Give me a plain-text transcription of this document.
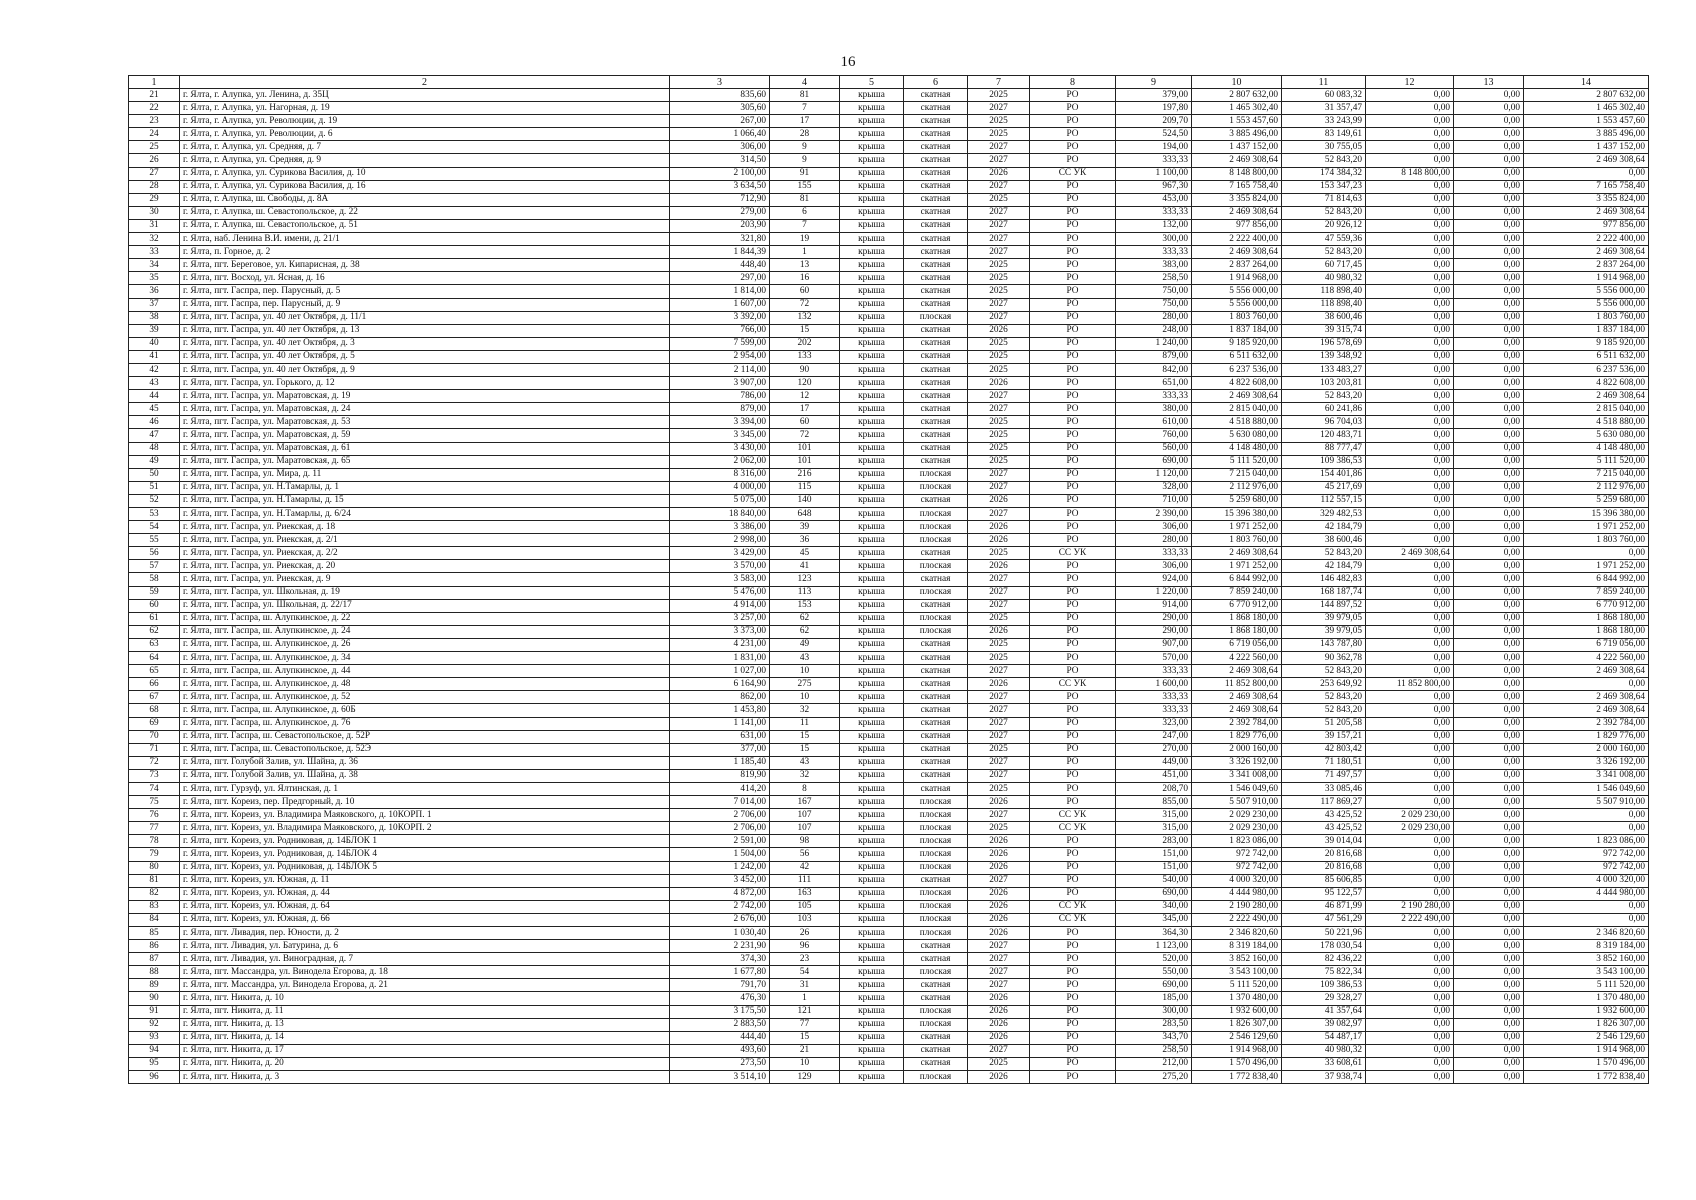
16
1	2	3	4	5	6	7	8	9	10	11	12	13	14
21	г. Ялта, г. Алупка, ул. Ленина, д. 35Ц	835,60	81	крыша	скатная	2025	РО	379,00	2 807 632,00	60 083,32	0,00	0,00	2 807 632,00
22	г. Ялта, г. Алупка, ул. Нагорная, д. 19	305,60	7	крыша	скатная	2027	РО	197,80	1 465 302,40	31 357,47	0,00	0,00	1 465 302,40
23	г. Ялта, г. Алупка, ул. Революции, д. 19	267,00	17	крыша	скатная	2025	РО	209,70	1 553 457,60	33 243,99	0,00	0,00	1 553 457,60
24	г. Ялта, г. Алупка, ул. Революции, д. 6	1 066,40	28	крыша	скатная	2025	РО	524,50	3 885 496,00	83 149,61	0,00	0,00	3 885 496,00
25	г. Ялта, г. Алупка, ул. Средняя, д. 7	306,00	9	крыша	скатная	2027	РО	194,00	1 437 152,00	30 755,05	0,00	0,00	1 437 152,00
26	г. Ялта, г. Алупка, ул. Средняя, д. 9	314,50	9	крыша	скатная	2027	РО	333,33	2 469 308,64	52 843,20	0,00	0,00	2 469 308,64
27	г. Ялта, г. Алупка, ул. Сурикова Василия, д. 10	2 100,00	91	крыша	скатная	2026	СС УК	1 100,00	8 148 800,00	174 384,32	8 148 800,00	0,00	0,00
28	г. Ялта, г. Алупка, ул. Сурикова Василия, д. 16	3 634,50	155	крыша	скатная	2027	РО	967,30	7 165 758,40	153 347,23	0,00	0,00	7 165 758,40
29	г. Ялта, г. Алупка, ш. Свободы, д. 8А	712,90	81	крыша	скатная	2025	РО	453,00	3 355 824,00	71 814,63	0,00	0,00	3 355 824,00
30	г. Ялта, г. Алупка, ш. Севастопольское, д. 22	279,00	6	крыша	скатная	2027	РО	333,33	2 469 308,64	52 843,20	0,00	0,00	2 469 308,64
31	г. Ялта, г. Алупка, ш. Севастопольское, д. 51	203,90	7	крыша	скатная	2027	РО	132,00	977 856,00	20 926,12	0,00	0,00	977 856,00
32	г. Ялта, наб. Ленина В.И. имени, д. 21/1	321,80	19	крыша	скатная	2027	РО	300,00	2 222 400,00	47 559,36	0,00	0,00	2 222 400,00
33	г. Ялта, п. Горное, д. 2	1 844,39	1	крыша	скатная	2027	РО	333,33	2 469 308,64	52 843,20	0,00	0,00	2 469 308,64
34	г. Ялта, пгт. Береговое, ул. Кипарисная, д. 38	448,40	13	крыша	скатная	2025	РО	383,00	2 837 264,00	60 717,45	0,00	0,00	2 837 264,00
35	г. Ялта, пгт. Восход, ул. Ясная, д. 16	297,00	16	крыша	скатная	2025	РО	258,50	1 914 968,00	40 980,32	0,00	0,00	1 914 968,00
36	г. Ялта, пгт. Гаспра, пер. Парусный, д. 5	1 814,00	60	крыша	скатная	2025	РО	750,00	5 556 000,00	118 898,40	0,00	0,00	5 556 000,00
37	г. Ялта, пгт. Гаспра, пер. Парусный, д. 9	1 607,00	72	крыша	скатная	2027	РО	750,00	5 556 000,00	118 898,40	0,00	0,00	5 556 000,00
38	г. Ялта, пгт. Гаспра, ул. 40 лет Октября, д. 11/1	3 392,00	132	крыша	плоская	2027	РО	280,00	1 803 760,00	38 600,46	0,00	0,00	1 803 760,00
39	г. Ялта, пгт. Гаспра, ул. 40 лет Октября, д. 13	766,00	15	крыша	скатная	2026	РО	248,00	1 837 184,00	39 315,74	0,00	0,00	1 837 184,00
40	г. Ялта, пгт. Гаспра, ул. 40 лет Октября, д. 3	7 599,00	202	крыша	скатная	2025	РО	1 240,00	9 185 920,00	196 578,69	0,00	0,00	9 185 920,00
41	г. Ялта, пгт. Гаспра, ул. 40 лет Октября, д. 5	2 954,00	133	крыша	скатная	2025	РО	879,00	6 511 632,00	139 348,92	0,00	0,00	6 511 632,00
42	г. Ялта, пгт. Гаспра, ул. 40 лет Октября, д. 9	2 114,00	90	крыша	скатная	2025	РО	842,00	6 237 536,00	133 483,27	0,00	0,00	6 237 536,00
43	г. Ялта, пгт. Гаспра, ул. Горького, д. 12	3 907,00	120	крыша	скатная	2026	РО	651,00	4 822 608,00	103 203,81	0,00	0,00	4 822 608,00
44	г. Ялта, пгт. Гаспра, ул. Маратовская, д. 19	786,00	12	крыша	скатная	2027	РО	333,33	2 469 308,64	52 843,20	0,00	0,00	2 469 308,64
45	г. Ялта, пгт. Гаспра, ул. Маратовская, д. 24	879,00	17	крыша	скатная	2027	РО	380,00	2 815 040,00	60 241,86	0,00	0,00	2 815 040,00
46	г. Ялта, пгт. Гаспра, ул. Маратовская, д. 53	3 394,00	60	крыша	скатная	2025	РО	610,00	4 518 880,00	96 704,03	0,00	0,00	4 518 880,00
47	г. Ялта, пгт. Гаспра, ул. Маратовская, д. 59	3 345,00	72	крыша	скатная	2025	РО	760,00	5 630 080,00	120 483,71	0,00	0,00	5 630 080,00
48	г. Ялта, пгт. Гаспра, ул. Маратовская, д. 61	3 430,00	101	крыша	скатная	2025	РО	560,00	4 148 480,00	88 777,47	0,00	0,00	4 148 480,00
49	г. Ялта, пгт. Гаспра, ул. Маратовская, д. 65	2 062,00	101	крыша	скатная	2025	РО	690,00	5 111 520,00	109 386,53	0,00	0,00	5 111 520,00
50	г. Ялта, пгт. Гаспра, ул. Мира, д. 11	8 316,00	216	крыша	плоская	2027	РО	1 120,00	7 215 040,00	154 401,86	0,00	0,00	7 215 040,00
51	г. Ялта, пгт. Гаспра, ул. Н.Тамарлы, д. 1	4 000,00	115	крыша	плоская	2027	РО	328,00	2 112 976,00	45 217,69	0,00	0,00	2 112 976,00
52	г. Ялта, пгт. Гаспра, ул. Н.Тамарлы, д. 15	5 075,00	140	крыша	скатная	2026	РО	710,00	5 259 680,00	112 557,15	0,00	0,00	5 259 680,00
53	г. Ялта, пгт. Гаспра, ул. Н.Тамарлы, д. 6/24	18 840,00	648	крыша	плоская	2027	РО	2 390,00	15 396 380,00	329 482,53	0,00	0,00	15 396 380,00
54	г. Ялта, пгт. Гаспра, ул. Риекская, д. 18	3 386,00	39	крыша	плоская	2026	РО	306,00	1 971 252,00	42 184,79	0,00	0,00	1 971 252,00
55	г. Ялта, пгт. Гаспра, ул. Риекская, д. 2/1	2 998,00	36	крыша	плоская	2026	РО	280,00	1 803 760,00	38 600,46	0,00	0,00	1 803 760,00
56	г. Ялта, пгт. Гаспра, ул. Риекская, д. 2/2	3 429,00	45	крыша	скатная	2025	СС УК	333,33	2 469 308,64	52 843,20	2 469 308,64	0,00	0,00
57	г. Ялта, пгт. Гаспра, ул. Риекская, д. 20	3 570,00	41	крыша	плоская	2026	РО	306,00	1 971 252,00	42 184,79	0,00	0,00	1 971 252,00
58	г. Ялта, пгт. Гаспра, ул. Риекская, д. 9	3 583,00	123	крыша	скатная	2027	РО	924,00	6 844 992,00	146 482,83	0,00	0,00	6 844 992,00
59	г. Ялта, пгт. Гаспра, ул. Школьная, д. 19	5 476,00	113	крыша	плоская	2027	РО	1 220,00	7 859 240,00	168 187,74	0,00	0,00	7 859 240,00
60	г. Ялта, пгт. Гаспра, ул. Школьная, д. 22/17	4 914,00	153	крыша	скатная	2027	РО	914,00	6 770 912,00	144 897,52	0,00	0,00	6 770 912,00
61	г. Ялта, пгт. Гаспра, ш. Алупкинское, д. 22	3 257,00	62	крыша	плоская	2025	РО	290,00	1 868 180,00	39 979,05	0,00	0,00	1 868 180,00
62	г. Ялта, пгт. Гаспра, ш. Алупкинское, д. 24	3 373,00	62	крыша	плоская	2026	РО	290,00	1 868 180,00	39 979,05	0,00	0,00	1 868 180,00
63	г. Ялта, пгт. Гаспра, ш. Алупкинское, д. 26	4 231,00	49	крыша	скатная	2025	РО	907,00	6 719 056,00	143 787,80	0,00	0,00	6 719 056,00
64	г. Ялта, пгт. Гаспра, ш. Алупкинское, д. 34	1 831,00	43	крыша	скатная	2025	РО	570,00	4 222 560,00	90 362,78	0,00	0,00	4 222 560,00
65	г. Ялта, пгт. Гаспра, ш. Алупкинское, д. 44	1 027,00	10	крыша	скатная	2027	РО	333,33	2 469 308,64	52 843,20	0,00	0,00	2 469 308,64
66	г. Ялта, пгт. Гаспра, ш. Алупкинское, д. 48	6 164,90	275	крыша	скатная	2026	СС УК	1 600,00	11 852 800,00	253 649,92	11 852 800,00	0,00	0,00
67	г. Ялта, пгт. Гаспра, ш. Алупкинское, д. 52	862,00	10	крыша	скатная	2027	РО	333,33	2 469 308,64	52 843,20	0,00	0,00	2 469 308,64
68	г. Ялта, пгт. Гаспра, ш. Алупкинское, д. 60Б	1 453,80	32	крыша	скатная	2027	РО	333,33	2 469 308,64	52 843,20	0,00	0,00	2 469 308,64
69	г. Ялта, пгт. Гаспра, ш. Алупкинское, д. 76	1 141,00	11	крыша	скатная	2027	РО	323,00	2 392 784,00	51 205,58	0,00	0,00	2 392 784,00
70	г. Ялта, пгт. Гаспра, ш. Севастопольское, д. 52Р	631,00	15	крыша	скатная	2027	РО	247,00	1 829 776,00	39 157,21	0,00	0,00	1 829 776,00
71	г. Ялта, пгт. Гаспра, ш. Севастопольское, д. 52Э	377,00	15	крыша	скатная	2025	РО	270,00	2 000 160,00	42 803,42	0,00	0,00	2 000 160,00
72	г. Ялта, пгт. Голубой Залив, ул. Шайна, д. 36	1 185,40	43	крыша	скатная	2027	РО	449,00	3 326 192,00	71 180,51	0,00	0,00	3 326 192,00
73	г. Ялта, пгт. Голубой Залив, ул. Шайна, д. 38	819,90	32	крыша	скатная	2027	РО	451,00	3 341 008,00	71 497,57	0,00	0,00	3 341 008,00
74	г. Ялта, пгт. Гурзуф, ул. Ялтинская, д. 1	414,20	8	крыша	скатная	2025	РО	208,70	1 546 049,60	33 085,46	0,00	0,00	1 546 049,60
75	г. Ялта, пгт. Кореиз, пер. Предгорный, д. 10	7 014,00	167	крыша	плоская	2026	РО	855,00	5 507 910,00	117 869,27	0,00	0,00	5 507 910,00
76	г. Ялта, пгт. Кореиз, ул. Владимира Маяковского, д. 10КОРП. 1	2 706,00	107	крыша	плоская	2027	СС УК	315,00	2 029 230,00	43 425,52	2 029 230,00	0,00	0,00
77	г. Ялта, пгт. Кореиз, ул. Владимира Маяковского, д. 10КОРП. 2	2 706,00	107	крыша	плоская	2025	СС УК	315,00	2 029 230,00	43 425,52	2 029 230,00	0,00	0,00
78	г. Ялта, пгт. Кореиз, ул. Родниковая, д. 14БЛОК 1	2 591,00	98	крыша	плоская	2026	РО	283,00	1 823 086,00	39 014,04	0,00	0,00	1 823 086,00
79	г. Ялта, пгт. Кореиз, ул. Родниковая, д. 14БЛОК 4	1 504,00	56	крыша	плоская	2026	РО	151,00	972 742,00	20 816,68	0,00	0,00	972 742,00
80	г. Ялта, пгт. Кореиз, ул. Родниковая, д. 14БЛОК 5	1 242,00	42	крыша	плоская	2026	РО	151,00	972 742,00	20 816,68	0,00	0,00	972 742,00
81	г. Ялта, пгт. Кореиз, ул. Южная, д. 11	3 452,00	111	крыша	скатная	2027	РО	540,00	4 000 320,00	85 606,85	0,00	0,00	4 000 320,00
82	г. Ялта, пгт. Кореиз, ул. Южная, д. 44	4 872,00	163	крыша	плоская	2026	РО	690,00	4 444 980,00	95 122,57	0,00	0,00	4 444 980,00
83	г. Ялта, пгт. Кореиз, ул. Южная, д. 64	2 742,00	105	крыша	плоская	2026	СС УК	340,00	2 190 280,00	46 871,99	2 190 280,00	0,00	0,00
84	г. Ялта, пгт. Кореиз, ул. Южная, д. 66	2 676,00	103	крыша	плоская	2026	СС УК	345,00	2 222 490,00	47 561,29	2 222 490,00	0,00	0,00
85	г. Ялта, пгт. Ливадия, пер. Юности, д. 2	1 030,40	26	крыша	плоская	2026	РО	364,30	2 346 820,60	50 221,96	0,00	0,00	2 346 820,60
86	г. Ялта, пгт. Ливадия, ул. Батурина, д. 6	2 231,90	96	крыша	скатная	2027	РО	1 123,00	8 319 184,00	178 030,54	0,00	0,00	8 319 184,00
87	г. Ялта, пгт. Ливадия, ул. Виноградная, д. 7	374,30	23	крыша	скатная	2027	РО	520,00	3 852 160,00	82 436,22	0,00	0,00	3 852 160,00
88	г. Ялта, пгт. Массандра, ул. Винодела Егорова, д. 18	1 677,80	54	крыша	плоская	2027	РО	550,00	3 543 100,00	75 822,34	0,00	0,00	3 543 100,00
89	г. Ялта, пгт. Массандра, ул. Винодела Егорова, д. 21	791,70	31	крыша	скатная	2027	РО	690,00	5 111 520,00	109 386,53	0,00	0,00	5 111 520,00
90	г. Ялта, пгт. Никита, д. 10	476,30	1	крыша	скатная	2026	РО	185,00	1 370 480,00	29 328,27	0,00	0,00	1 370 480,00
91	г. Ялта, пгт. Никита, д. 11	3 175,50	121	крыша	плоская	2026	РО	300,00	1 932 600,00	41 357,64	0,00	0,00	1 932 600,00
92	г. Ялта, пгт. Никита, д. 13	2 883,50	77	крыша	плоская	2026	РО	283,50	1 826 307,00	39 082,97	0,00	0,00	1 826 307,00
93	г. Ялта, пгт. Никита, д. 14	444,40	15	крыша	скатная	2026	РО	343,70	2 546 129,60	54 487,17	0,00	0,00	2 546 129,60
94	г. Ялта, пгт. Никита, д. 17	493,60	21	крыша	скатная	2027	РО	258,50	1 914 968,00	40 980,32	0,00	0,00	1 914 968,00
95	г. Ялта, пгт. Никита, д. 20	273,50	10	крыша	скатная	2025	РО	212,00	1 570 496,00	33 608,61	0,00	0,00	1 570 496,00
96	г. Ялта, пгт. Никита, д. 3	3 514,10	129	крыша	плоская	2026	РО	275,20	1 772 838,40	37 938,74	0,00	0,00	1 772 838,40
